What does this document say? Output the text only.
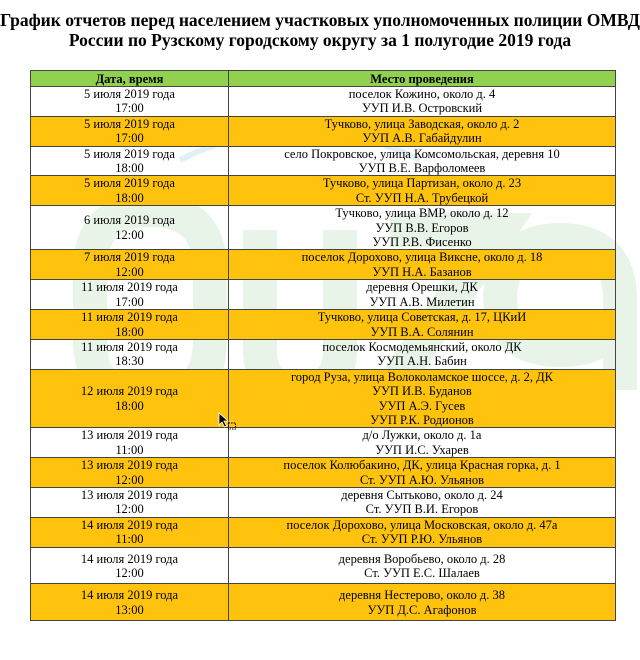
График отчетов перед населением участковых уполномоченных полиции ОМВД
России по Рузскому городскому округу за 1 полугодие 2019 года
Дата, время	Место проведения

5 июля 2019 года
17:00	поселок Кожино, около д. 4
УУП И.В. Островский

5 июля 2019 года
17:00	Тучково, улица Заводская, около д. 2
УУП А.В. Габайдулин

5 июля 2019 года
18:00	село Покровское, улица Комсомольская, деревня 10
УУП В.Е. Варфоломеев

5 июля 2019 года
18:00	Тучково, улица Партизан, около д. 23
Ст. УУП Н.А. Трубецкой

6 июля 2019 года
12:00	Тучково, улица ВМР, около д. 12
УУП В.В. Егоров
УУП Р.В. Фисенко

7 июля 2019 года
12:00	поселок Дорохово, улица Викснe, около д. 18
УУП Н.А. Базанов

11 июля 2019 года
17:00	деревня Орешки, ДК
УУП А.В. Милетин

11 июля 2019 года
18:00	Тучково, улица Советская, д. 17, ЦКиИ
УУП В.А. Солянин

11 июля 2019 года
18:30	поселок Космодемьянский, около ДК
УУП А.Н. Бабин

12 июля 2019 года
18:00	город Руза, улица Волоколамское шоссе, д. 2, ДК
УУП И.В. Буданов
УУП А.Э. Гусев
УУП Р.К. Родионов

13 июля 2019 года
11:00	д/о Лужки, около д. 1а
УУП И.С. Ухарев

13 июля 2019 года
12:00	поселок Колюбакино, ДК, улица Красная горка, д. 1
Ст. УУП А.Ю. Ульянов

13 июля 2019 года
12:00	деревня Сытьково, около д. 24
Ст. УУП В.И. Егоров

14 июля 2019 года
11:00	поселок Дорохово, улица Московская, около д. 47а
Ст. УУП Р.Ю. Ульянов

14 июля 2019 года
12:00	деревня Воробьево, около д. 28
Ст. УУП Е.С. Шалаев

14 июля 2019 года
13:00	деревня Нестерово, около д. 38
УУП Д.С. Агафонов
